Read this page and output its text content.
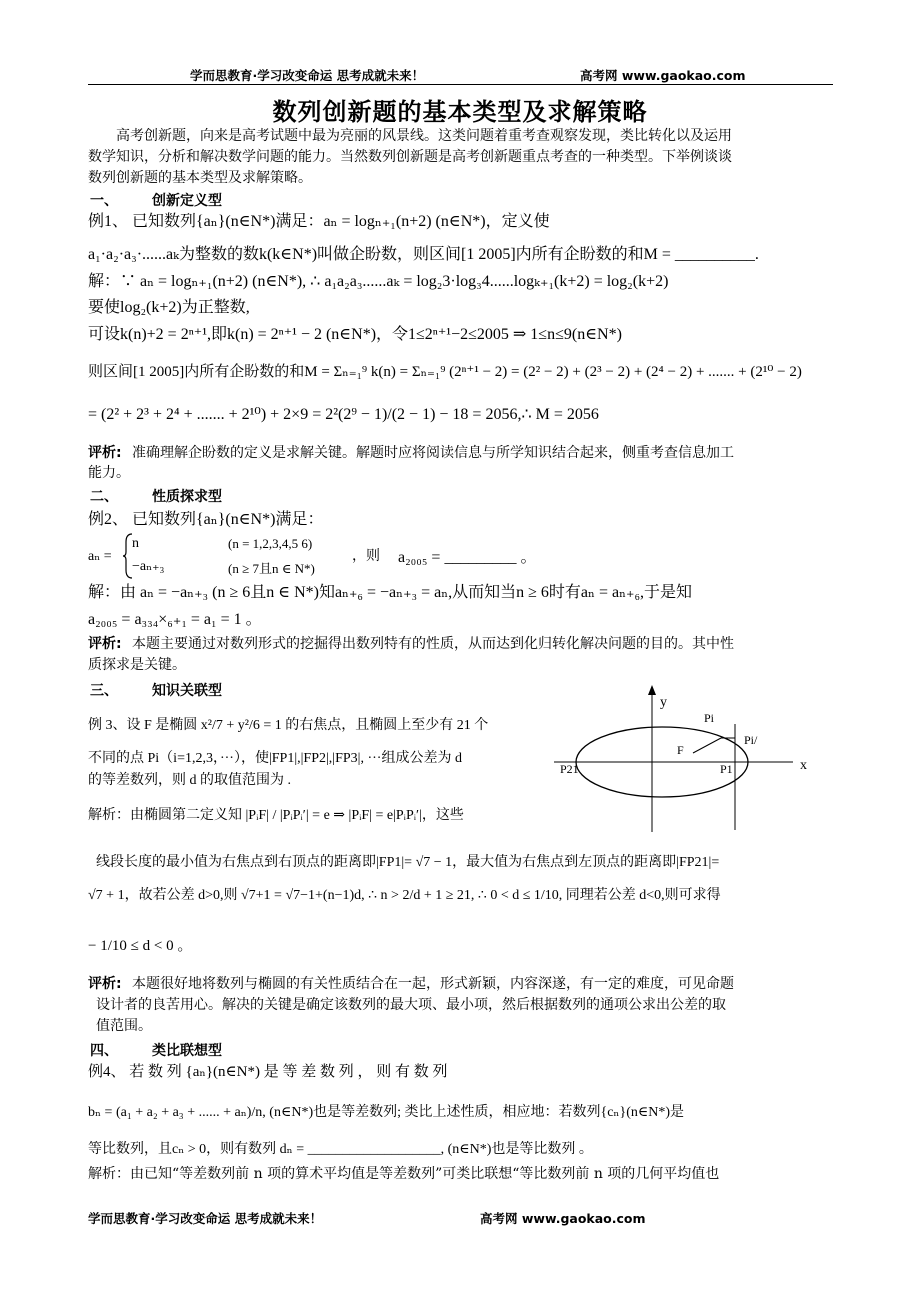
学而思教育·学习改变命运 思考成就未来！	高考网 www.gaokao.com
数列创新题的基本类型及求解策略
高考创新题，向来是高考试题中最为亮丽的风景线。这类问题着重考查观察发现，类比转化以及运用
数学知识，分析和解决数学问题的能力。当然数列创新题是高考创新题重点考查的一种类型。下举例谈谈
数列创新题的基本类型及求解策略。
一、 创新定义型
例1、 已知数列{aₙ}(n∈N*)满足：aₙ = logₙ₊₁(n+2) (n∈N*)，定义使
a₁·a₂·a₃·......aₖ为整数的数k(k∈N*)叫做企盼数，则区间[1 2005]内所有企盼数的和M = __________.
解：∵ aₙ = logₙ₊₁(n+2) (n∈N*), ∴ a₁a₂a₃......aₖ = log₂3·log₃4......logₖ₊₁(k+2) = log₂(k+2)
要使log₂(k+2)为正整数,
可设k(n)+2 = 2ⁿ⁺¹,即k(n) = 2ⁿ⁺¹ − 2 (n∈N*)，令1≤2ⁿ⁺¹−2≤2005 ⇒ 1≤n≤9(n∈N*)
则区间[1 2005]内所有企盼数的和M = Σₙ₌₁⁹ k(n) = Σₙ₌₁⁹ (2ⁿ⁺¹ − 2) = (2² − 2) + (2³ − 2) + (2⁴ − 2) + ....... + (2¹⁰ − 2)
= (2² + 2³ + 2⁴ + ....... + 2¹⁰) + 2×9 = 2²(2⁹ − 1)/(2 − 1) − 18 = 2056,∴ M = 2056
评析: 准确理解企盼数的定义是求解关键。解题时应将阅读信息与所学知识结合起来，侧重考查信息加工
能力。
二、 性质探求型
例2、 已知数列{aₙ}(n∈N*)满足：
aₙ =
n	(n = 1,2,3,4,5 6)
−aₙ₊₃	(n ≥ 7且n ∈ N*)
，则 a₂₀₀₅ = _________ 。
解：由 aₙ = −aₙ₊₃ (n ≥ 6且n ∈ N*)知aₙ₊₆ = −aₙ₊₃ = aₙ,从而知当n ≥ 6时有aₙ = aₙ₊₆,于是知
a₂₀₀₅ = a₃₃₄×₆₊₁ = a₁ = 1 。
评析: 本题主要通过对数列形式的挖掘得出数列特有的性质，从而达到化归转化解决问题的目的。其中性
质探求是关键。
三、 知识关联型
例 3、设 F 是椭圆 x²/7 + y²/6 = 1 的右焦点，且椭圆上至少有 21 个
不同的点 Pi（i=1,2,3，···），使|FP1|,|FP2|,|FP3|, ···组成公差为 d
的等差数列，则 d 的取值范围为 .
解析：由椭圆第二定义知 |PᵢF| / |PᵢPᵢ′| = e ⇒ |PᵢF| = e|PᵢPᵢ′|，这些
y
x
Pi
Pi/
F
P21	P1
线段长度的最小值为右焦点到右顶点的距离即|FP1|= √7 − 1，最大值为右焦点到左顶点的距离即|FP21|=
√7 + 1，故若公差 d>0,则 √7+1 = √7−1+(n−1)d, ∴ n > 2/d + 1 ≥ 21, ∴ 0 < d ≤ 1/10, 同理若公差 d<0,则可求得
− 1/10 ≤ d < 0 。
评析: 本题很好地将数列与椭圆的有关性质结合在一起，形式新颖，内容深遂，有一定的难度，可见命题
设计者的良苦用心。解决的关键是确定该数列的最大项、最小项，然后根据数列的通项公求出公差的取
值范围。
四、 类比联想型
例4、 若 数 列 {aₙ}(n∈N*) 是 等 差 数 列 ， 则 有 数 列
bₙ = (a₁ + a₂ + a₃ + ...... + aₙ)/n, (n∈N*)也是等差数列; 类比上述性质，相应地：若数列{cₙ}(n∈N*)是
等比数列，且cₙ > 0，则有数列 dₙ = ___________________, (n∈N*)也是等比数列 。
解析：由已知“等差数列前 n 项的算术平均值是等差数列”可类比联想“等比数列前 n 项的几何平均值也
学而思教育·学习改变命运 思考成就未来！	高考网 www.gaokao.com
